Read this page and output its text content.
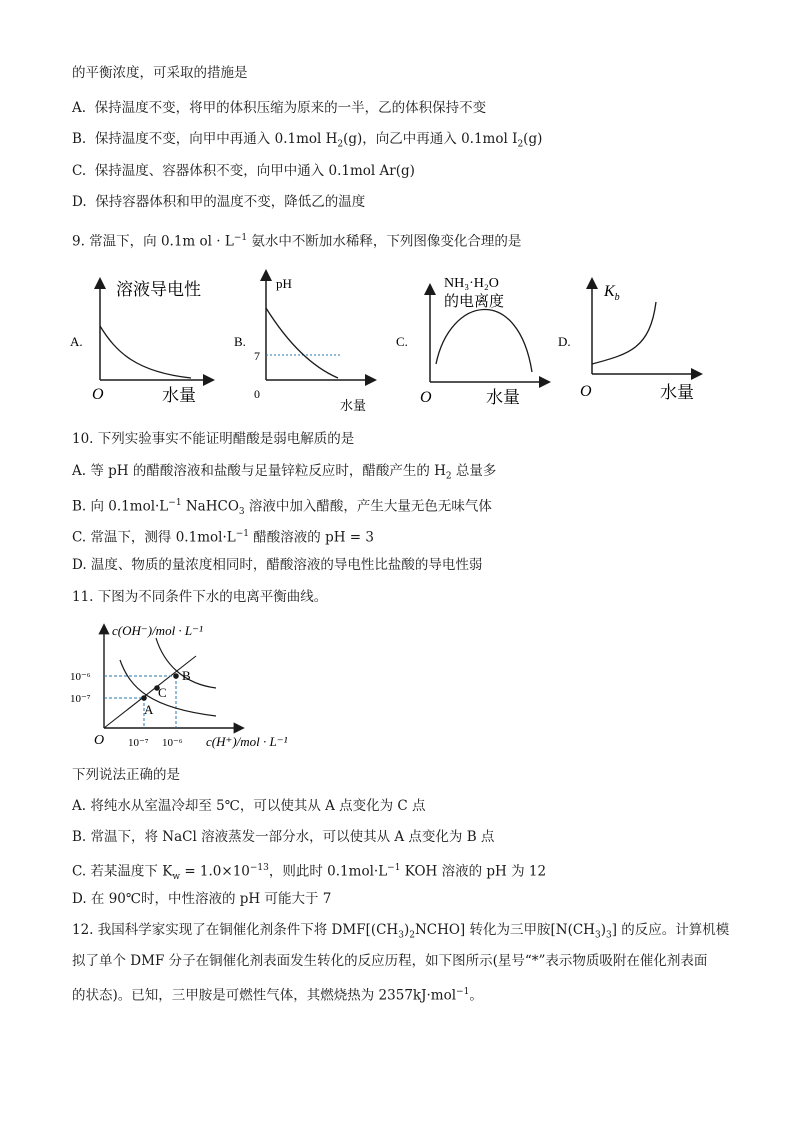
的平衡浓度，可采取的措施是
A. 保持温度不变，将甲的体积压缩为原来的一半，乙的体积保持不变
B. 保持温度不变，向甲中再通入 0.1mol $H_2(g)$，向乙中再通入 0.1mol $I_2(g)$
C. 保持温度、容器体积不变，向甲中通入 0.1mol Ar(g)
D. 保持容器体积和甲的温度不变，降低乙的温度
9. 常温下，向 0.1m ol · $L^{-1}$ 氨水中不断加水稀释，下列图像变化合理的是
A.
溶液导电性
O	水量
B.
pH
7
0
水量
C.
NH₃·H₂O
的电离度
O	水量
D.
$K_b$
O	水量
10. 下列实验事实不能证明醋酸是弱电解质的是
A. 等 pH 的醋酸溶液和盐酸与足量锌粒反应时，醋酸产生的 $H_2$ 总量多
B. 向 $0.1mol\cdot L^{-1}$ NaHCO$_3$ 溶液中加入醋酸，产生大量无色无味气体
C. 常温下，测得 $0.1mol\cdot L^{-1}$ 醋酸溶液的 pH = 3
D. 温度、物质的量浓度相同时，醋酸溶液的导电性比盐酸的导电性弱
11. 下图为不同条件下水的电离平衡曲线。
A
B
C
c(OH⁻)/mol · L⁻¹
10⁻⁶
10⁻⁷
O 10⁻⁷ 10⁻⁶ c(H⁺)/mol · L⁻¹
下列说法正确的是
A. 将纯水从室温冷却至 5℃，可以使其从 A 点变化为 C 点
B. 常温下，将 NaCl 溶液蒸发一部分水，可以使其从 A 点变化为 B 点
C. 若某温度下 $K_w = 1.0\times 10^{-13}$，则此时 $0.1mol\cdot L^{-1}$ KOH 溶液的 pH 为 12
D. 在 90℃时，中性溶液的 pH 可能大于 7
12. 我国科学家实现了在铜催化剂条件下将 $DMF[(CH_3)_2NCHO]$ 转化为三甲胺$[N(CH_3)_3]$ 的反应。计算机模
拟了单个 DMF 分子在铜催化剂表面发生转化的反应历程，如下图所示(星号“*”表示物质吸附在催化剂表面
的状态)。已知，三甲胺是可燃性气体，其燃烧热为 2357kJ·mol$^{-1}$。
